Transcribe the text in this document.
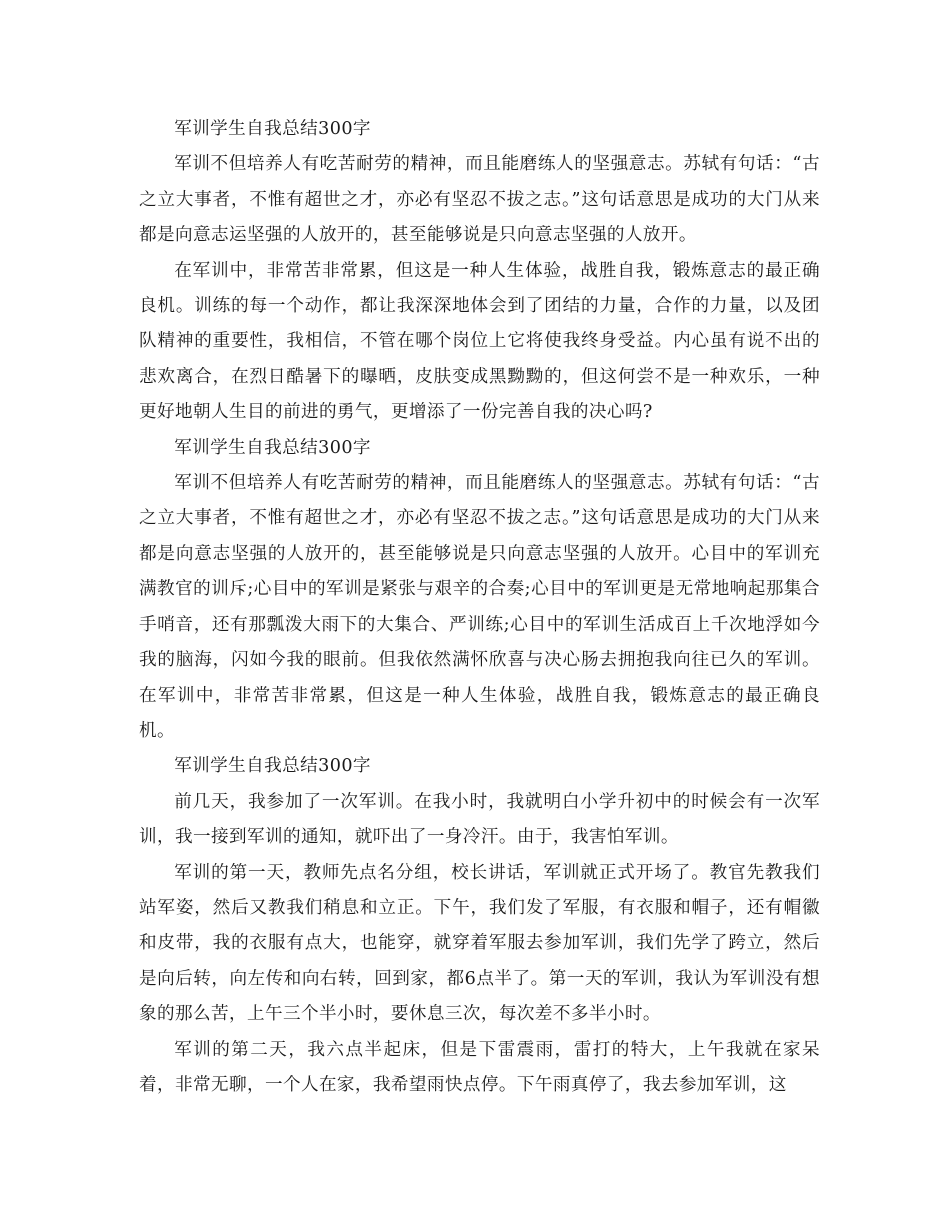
军训学生自我总结300字

军训不但培养人有吃苦耐劳的精神，而且能磨练人的坚强意志。苏轼有句话：“古之立大事者，不惟有超世之才，亦必有坚忍不拔之志。”这句话意思是成功的大门从来都是向意志运坚强的人放开的，甚至能够说是只向意志坚强的人放开。

在军训中，非常苦非常累，但这是一种人生体验，战胜自我，锻炼意志的最正确良机。训练的每一个动作，都让我深深地体会到了团结的力量，合作的力量，以及团队精神的重要性，我相信，不管在哪个岗位上它将使我终身受益。内心虽有说不出的悲欢离合，在烈日酷暑下的曝晒，皮肤变成黑黝黝的，但这何尝不是一种欢乐，一种更好地朝人生目的前进的勇气，更增添了一份完善自我的决心吗?

军训学生自我总结300字

军训不但培养人有吃苦耐劳的精神，而且能磨练人的坚强意志。苏轼有句话：“古之立大事者，不惟有超世之才，亦必有坚忍不拔之志。”这句话意思是成功的大门从来都是向意志坚强的人放开的，甚至能够说是只向意志坚强的人放开。心目中的军训充满教官的训斥;心目中的军训是紧张与艰辛的合奏;心目中的军训更是无常地响起那集合手哨音，还有那瓢泼大雨下的大集合、严训练;心目中的军训生活成百上千次地浮如今我的脑海，闪如今我的眼前。但我依然满怀欣喜与决心肠去拥抱我向往已久的军训。在军训中，非常苦非常累，但这是一种人生体验，战胜自我，锻炼意志的最正确良机。

军训学生自我总结300字

前几天，我参加了一次军训。在我小时，我就明白小学升初中的时候会有一次军训，我一接到军训的通知，就吓出了一身冷汗。由于，我害怕军训。

军训的第一天，教师先点名分组，校长讲话，军训就正式开场了。教官先教我们站军姿，然后又教我们稍息和立正。下午，我们发了军服，有衣服和帽子，还有帽徽和皮带，我的衣服有点大，也能穿，就穿着军服去参加军训，我们先学了跨立，然后是向后转，向左传和向右转，回到家，都6点半了。第一天的军训，我认为军训没有想象的那么苦，上午三个半小时，要休息三次，每次差不多半小时。

军训的第二天，我六点半起床，但是下雷震雨，雷打的特大，上午我就在家呆着，非常无聊，一个人在家，我希望雨快点停。下午雨真停了，我去参加军训，这
